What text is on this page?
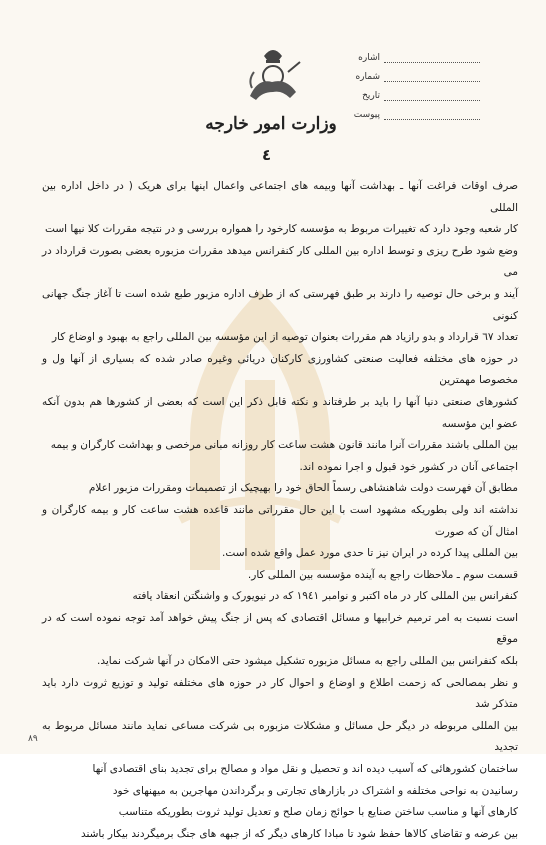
وزارت امور خارجه
٤
اشاره
شماره
تاریخ
پیوست

صرف اوقات فراغت آنها ـ بهداشت آنها وبیمه های اجتماعی واعمال اینها برای هریک ( در داخل اداره بین المللی

کار شعبه وجود دارد که تغییرات مربوط به مؤسسه کارخود را همواره بررسی و در نتیجه مقررات کلا نیها است

وضع شود طرح ریزی و توسط اداره بین المللی کار کنفرانس میدهد مقررات مزبوره بعضی بصورت قرارداد در می

آیند و برخی حال توصیه را دارند بر طبق فهرستی که از طرف اداره مزبور طبع شده است تا آغاز جنگ جهانی کنونی

تعداد ٦٧ قرارداد و بدو رازیاد هم مقررات بعنوان توصیه از این مؤسسه بین المللی راجع به بهبود و اوضاع کار

در حوزه های مختلفه فعالیت صنعتی کشاورزی کارکنان دریائی وغیره صادر شده که بسیاری از آنها ول و مخصوصا مهمترین

کشورهای صنعتی دنیا آنها را باید بر طرفتاند و نکته قابل ذکر این است که بعضی از کشورها هم بدون آنکه عضو این مؤسسه

بین المللی باشند مقررات آنرا مانند قانون هشت ساعت کار روزانه مبانی مرخصی و بهداشت کارگران و بیمه

اجتماعی آنان در کشور خود قبول و اجرا نموده اند.

مطابق آن فهرست دولت شاهنشاهی رسماً الحاق خود را بهیچیک از تصمیمات ومقررات مزبور اعلام

نداشته اند ولی بطوریکه مشهود است با این حال مقرراتی مانند قاعده هشت ساعت کار و بیمه کارگران و امثال آن که صورت

بین المللی پیدا کرده در ایران نیز تا حدی مورد عمل واقع شده است.

قسمت سوم ـ ملاحظات راجع به آینده مؤسسه بین المللی کار.

کنفرانس بین المللی کار در ماه اکتبر و نوامبر ١٩٤١ که در نیویورک و واشنگتن انعقاد یافته

است نسبت به امر ترمیم خرابیها و مسائل اقتصادی که پس از جنگ پیش خواهد آمد توجه نموده است که در موقع

بلکه کنفرانس بین المللی راجع به مسائل مزبوره تشکیل میشود حتی الامکان در آنها شرکت نماید.

و نظر بمصالحی که زحمت اطلاع و اوضاع و احوال کار در حوزه های مختلفه تولید و توزیع ثروت دارد باید متذکر شد

بین المللی مربوطه در دیگر حل مسائل و مشکلات مزبوره بی شرکت مساعی نماید مانند مسائل مربوط به تجدید

ساختمان کشورهائی که آسیب دیده اند و تحصیل و نقل مواد و مصالح برای تجدید بنای اقتصادی آنها

رسانیدن به نواحی مختلفه و اشتراک در بازارهای تجارتی و برگرداندن مهاجرین به میهنهای خود

کارهای آنها و مناسب ساختن صنایع با حوائج زمان صلح و تعدیل تولید ثروت بطوریکه متناسب

بین عرضه و تقاضای کالاها حفظ شود تا مبادا کارهای دیگر که از جبهه های جنگ برمیگردند بیکار باشند

۸۹
